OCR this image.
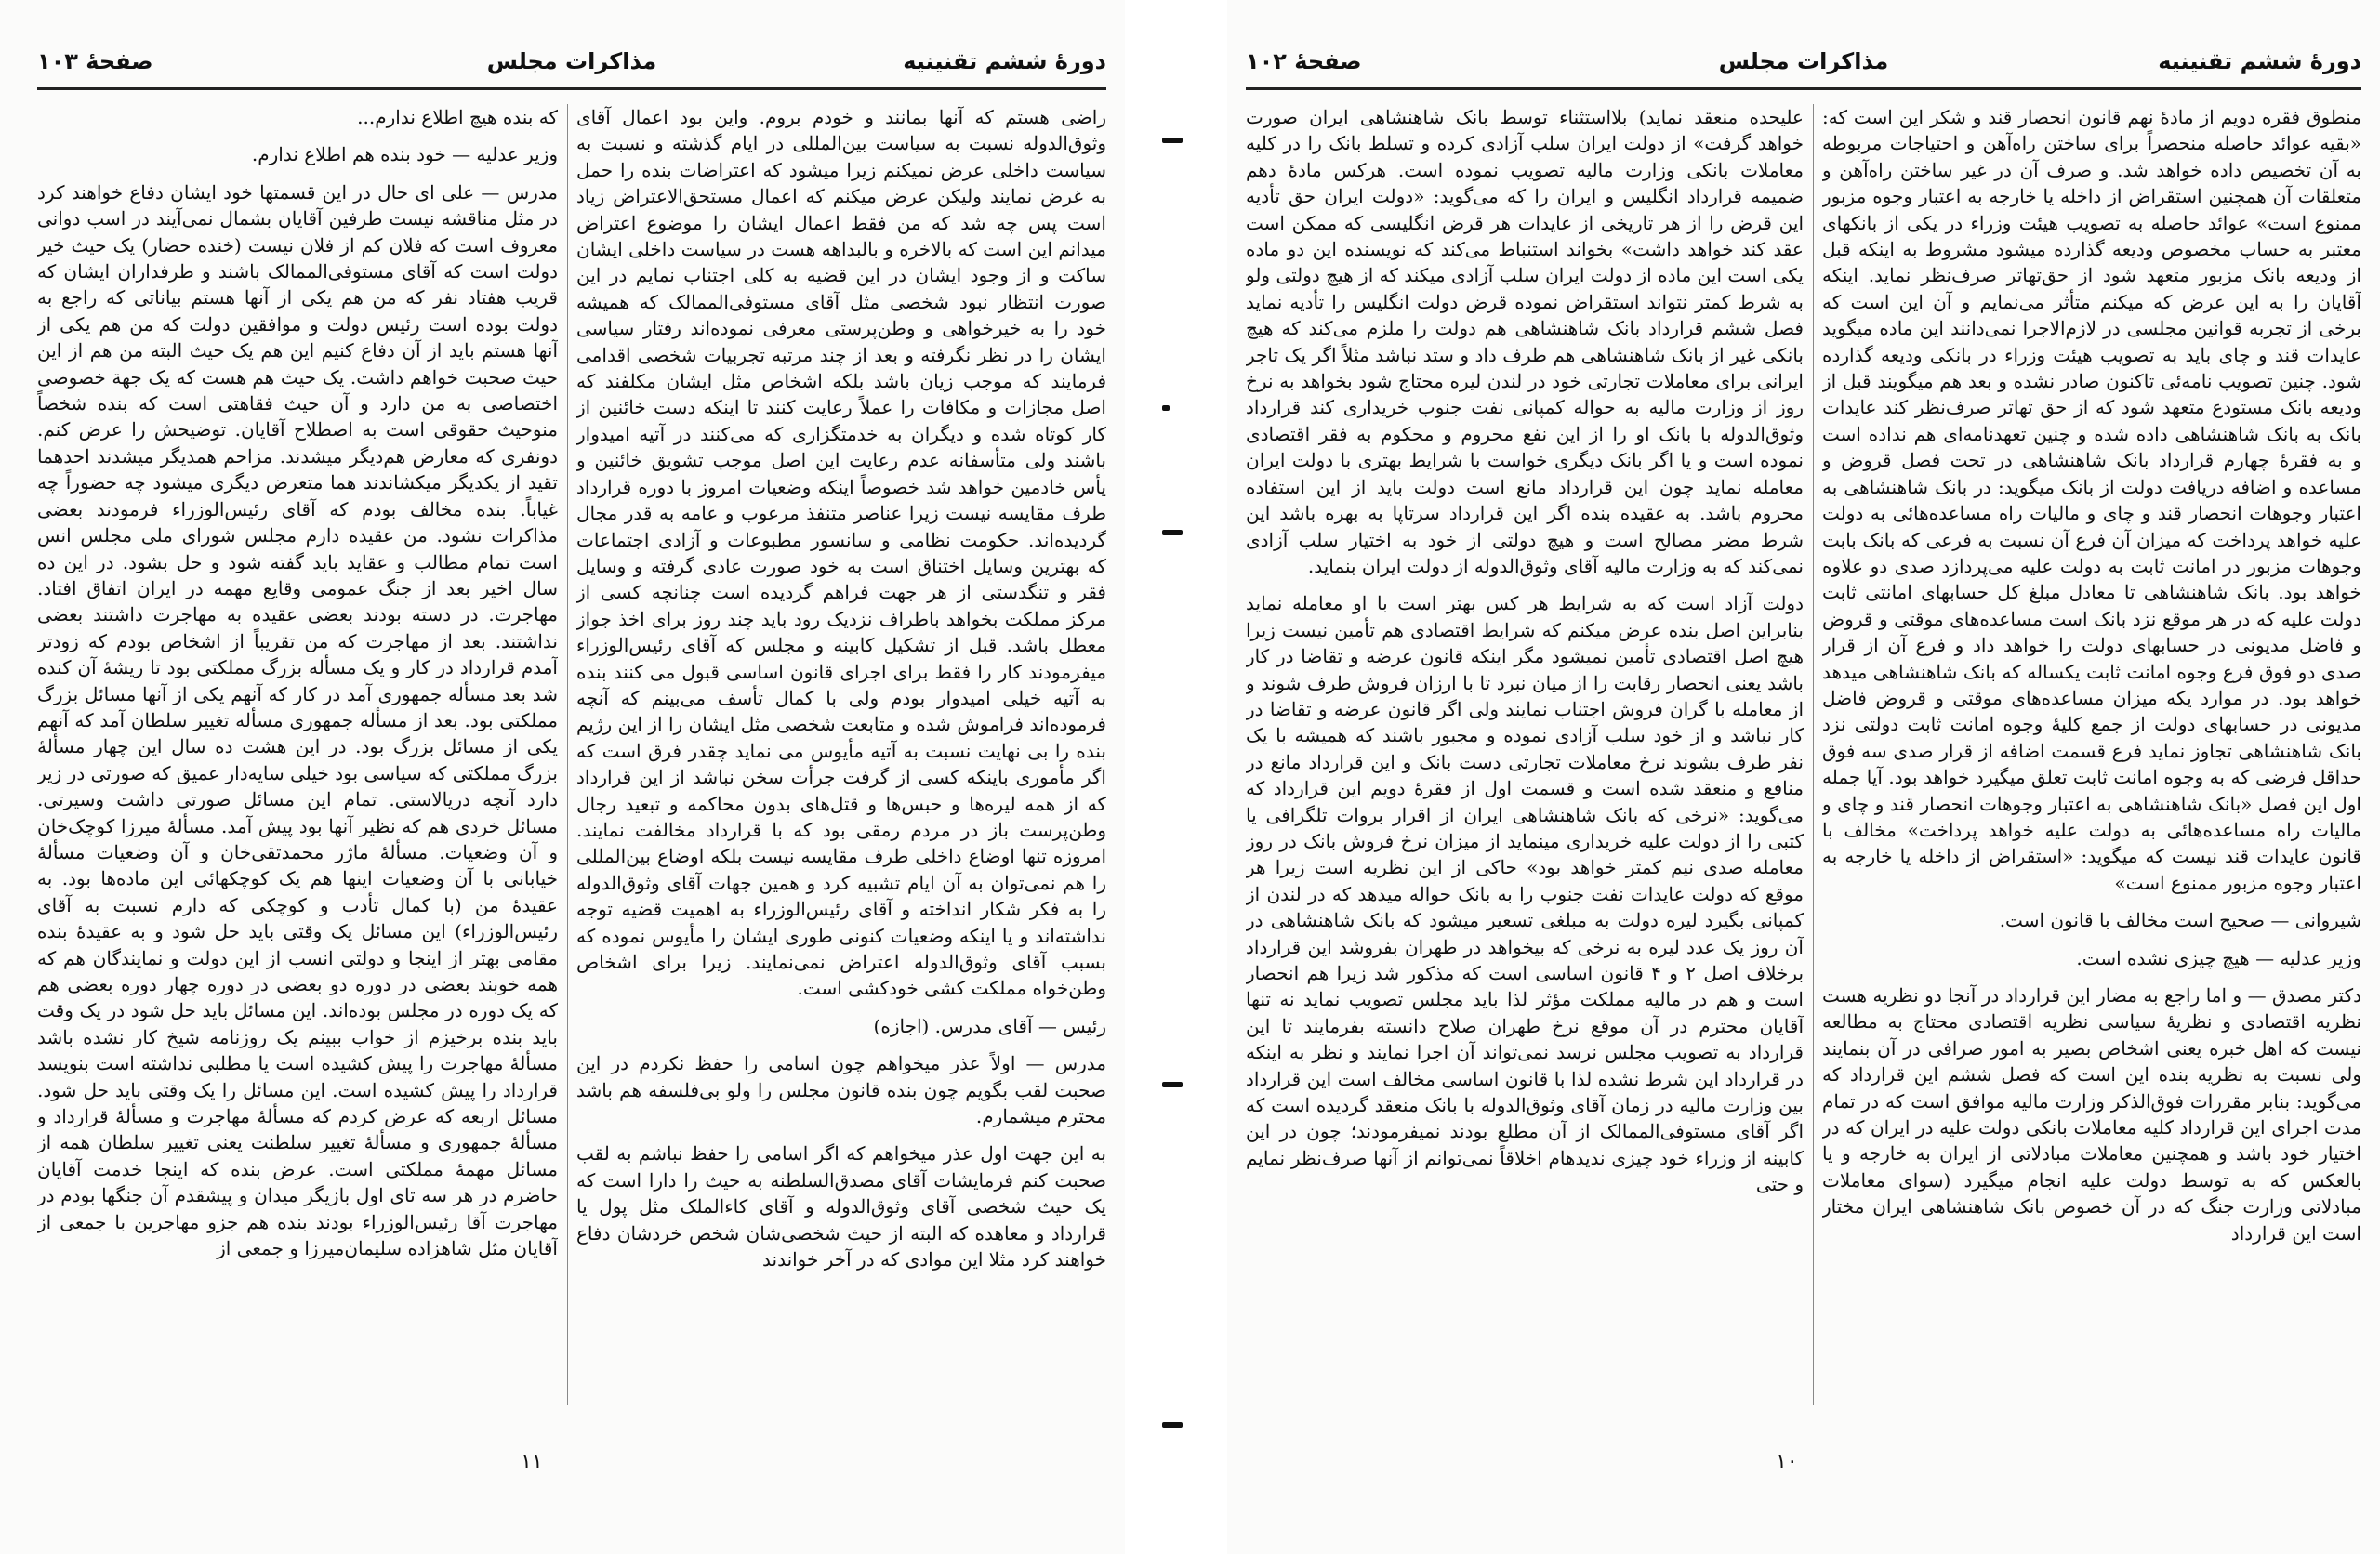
دورهٔ ششم تقنینیه
مذاکرات مجلس
صفحهٔ ۱۰۳

راضی هستم که آنها بمانند و خودم بروم. واین بود اعمال آقای وثوق‌الدوله نسبت به سیاست بین‌المللی در ایام گذشته و نسبت به سیاست داخلی عرض نمیکنم زیرا میشود که اعتراضات بنده را حمل به غرض نمایند ولیکن عرض میکنم که اعمال مستحق‌الاعتراض زیاد است پس چه شد که من فقط اعمال ایشان را موضوع اعتراض میدانم این است که بالاخره و بالبداهه هست در سیاست داخلی ایشان ساکت و از وجود ایشان در این قضیه به کلی اجتناب نمایم در این صورت انتظار نبود شخصی مثل آقای مستوفی‌الممالک که همیشه خود را به خیرخواهی و وطن‌پرستی معرفی نموده‌اند رفتار سیاسی ایشان را در نظر نگرفته و بعد از چند مرتبه تجربیات شخصی اقدامی فرمایند که موجب زیان باشد بلکه اشخاص مثل ایشان مکلفند که اصل مجازات و مکافات را عملاً رعایت کنند تا اینکه دست خائنین از کار کوتاه شده و دیگران به خدمتگزاری که می‌کنند در آتیه امیدوار باشند ولی متأسفانه عدم رعایت این اصل موجب تشویق خائنین و یأس خادمین خواهد شد خصوصاً اینکه وضعیات امروز با دوره قرارداد طرف مقایسه نیست زیرا عناصر متنفذ مرعوب و عامه به قدر مجال گردیده‌اند. حکومت نظامی و سانسور مطبوعات و آزادی اجتماعات که بهترین وسایل اختناق است به خود صورت عادی گرفته و وسایل فقر و تنگدستی از هر جهت فراهم گردیده است چنانچه کسی از مرکز مملکت بخواهد باطراف نزدیک رود باید چند روز برای اخذ جواز معطل باشد. قبل از تشکیل کابینه و مجلس که آقای رئیس‌الوزراء میفرمودند کار را فقط برای اجرای قانون اساسی قبول می کنند بنده به آتیه خیلی امیدوار بودم ولی با کمال تأسف می‌بینم که آنچه فرموده‌اند فراموش شده و متابعت شخصی مثل ایشان را از این رژیم بنده را بی نهایت نسبت به آتیه مأیوس می نماید چقدر فرق است که اگر مأموری باینکه کسی از گرفت جرأت سخن نباشد از این قرارداد که از همه لیره‌ها و حبس‌ها و قتل‌های بدون محاکمه و تبعید رجال وطن‌پرست باز در مردم رمقی بود که با قرارداد مخالفت نمایند. امروزه تنها اوضاع داخلی طرف مقایسه نیست بلکه اوضاع بین‌المللی را هم نمی‌توان به آن ایام تشبیه کرد و همین جهات آقای وثوق‌الدوله را به فکر شکار انداخته و آقای رئیس‌الوزراء به اهمیت قضیه توجه نداشته‌اند و یا اینکه وضعیات کنونی طوری ایشان را مأیوس نموده که بسبب آقای وثوق‌الدوله اعتراض نمی‌نمایند. زیرا برای اشخاص وطن‌خواه مملکت کشی خودکشی است.

رئیس — آقای مدرس. (اجازه)

مدرس — اولاً عذر میخواهم چون اسامی را حفظ نکردم در این صحبت لقب بگویم چون بنده قانون مجلس را ولو بی‌فلسفه هم باشد محترم میشمارم.

به این جهت اول عذر میخواهم که اگر اسامی را حفظ نباشم به لقب صحبت کنم فرمایشات آقای مصدق‌السلطنه به حیث را دارا است که یک حیث شخصی آقای وثوق‌الدوله و آقای کاءالملک مثل پول یا قرارداد و معاهده که البته از حیث شخصی‌شان شخص خردشان دفاع خواهند کرد مثلا این موادی که در آخر خواندند

که بنده هیچ اطلاع ندارم...

وزیر عدلیه — خود بنده هم اطلاع ندارم.

مدرس — علی ای حال در این قسمتها خود ایشان دفاع خواهند کرد در مثل مناقشه نیست طرفین آقایان بشمال نمی‌آیند در اسب دوانی معروف است که فلان کم از فلان نیست (خنده حضار) یک حیث خیر دولت است که آقای مستوفی‌الممالک باشند و طرفداران ایشان که قریب هفتاد نفر که من هم یکی از آنها هستم بیاناتی که راجع به دولت بوده است رئیس دولت و موافقین دولت که من هم یکی از آنها هستم باید از آن دفاع کنیم این هم یک حیث البته من هم از این حیث صحبت خواهم داشت. یک حیث هم هست که یک جهة خصوصی اختصاصی به من دارد و آن حیث فقاهتی است که بنده شخصاً منوحیث حقوقی است به اصطلاح آقایان. توضیحش را عرض کنم. دونفری که معارض هم‌دیگر میشدند. مزاحم همدیگر میشدند احدهما تقید از یکدیگر میکشاندند هما متعرض دیگری میشود چه حضوراً چه غیاباً. بنده مخالف بودم که آقای رئیس‌الوزراء فرمودند بعضی مذاکرات نشود. من عقیده دارم مجلس شورای ملی مجلس انس است تمام مطالب و عقاید باید گفته شود و حل بشود. در این ده سال اخیر بعد از جنگ عمومی وقایع مهمه در ایران اتفاق افتاد. مهاجرت. در دسته بودند بعضی عقیده به مهاجرت داشتند بعضی نداشتند. بعد از مهاجرت که من تقریباً از اشخاص بودم که زودتر آمدم قرارداد در کار و یک مسأله بزرگ مملکتی بود تا ریشهٔ آن کنده شد بعد مسأله جمهوری آمد در کار که آنهم یکی از آنها مسائل بزرگ مملکتی بود. بعد از مسأله جمهوری مسأله تغییر سلطان آمد که آنهم یکی از مسائل بزرگ بود. در این هشت ده سال این چهار مسألهٔ بزرگ مملکتی که سیاسی بود خیلی سایه‌دار عمیق که صورتی در زیر دارد آنچه دریالاستی. تمام این مسائل صورتی داشت وسیرتی. مسائل خردی هم که نظیر آنها بود پیش آمد. مسألهٔ میرزا کوچک‌خان و آن وضعیات. مسألهٔ ماژر محمدتقی‌خان و آن وضعیات مسألهٔ خیابانی با آن وضعیات اینها هم یک کوچکهائی این ماده‌ها بود. به عقیدهٔ من (با کمال تأدب و کوچکی که دارم نسبت به آقای رئیس‌الوزراء) این مسائل یک وقتی باید حل شود و به عقیدهٔ بنده مقامی بهتر از اینجا و دولتی انسب از این دولت و نمایندگان هم که همه خوبند بعضی در دوره دو بعضی در دوره چهار دوره بعضی هم که یک دوره در مجلس بوده‌اند. این مسائل باید حل شود در یک وقت باید بنده برخیزم از خواب ببینم یک روزنامه شیخ کار نشده باشد مسألهٔ مهاجرت را پیش کشیده است یا مطلبی نداشته است بنویسد قرارداد را پیش کشیده است. این مسائل را یک وقتی باید حل شود. مسائل اربعه که عرض کردم که مسألهٔ مهاجرت و مسألهٔ قرارداد و مسألهٔ جمهوری و مسألهٔ تغییر سلطنت یعنی تغییر سلطان همه از مسائل مهمهٔ مملکتی است. عرض بنده که اینجا خدمت آقایان حاضرم در هر سه تای اول بازیگر میدان و پیشقدم آن جنگها بودم در مهاجرت آقا رئیس‌الوزراء بودند بنده هم جزو مهاجرین با جمعی از آقایان مثل شاهزاده سلیمان‌میرزا و جمعی از

۱۱
دورهٔ ششم تقنینیه
مذاکرات مجلس
صفحهٔ ۱۰۲

منطوق فقره دویم از مادهٔ نهم قانون انحصار قند و شکر این است که: «بقیه عوائد حاصله منحصراً برای ساختن راه‌آهن و احتیاجات مربوطه به آن تخصیص داده خواهد شد. و صرف آن در غیر ساختن راه‌آهن و متعلقات آن همچنین استقراض از داخله یا خارجه به اعتبار وجوه مزبور ممنوع است» عوائد حاصله به تصویب هیئت وزراء در یکی از بانکهای معتبر به حساب مخصوص ودیعه گذارده میشود مشروط به اینکه قبل از ودیعه بانک مزبور متعهد شود از حق‌تهاتر صرف‌نظر نماید. اینکه آقایان را به این عرض که میکنم متأثر می‌نمایم و آن این است که برخی از تجربه قوانین مجلسی در لازم‌الاجرا نمی‌دانند این ماده میگوید عایدات قند و چای باید به تصویب هیئت وزراء در بانکی ودیعه گذارده شود. چنین تصویب نامه‌ئی تاکنون صادر نشده و بعد هم میگویند قبل از ودیعه بانک مستودع متعهد شود که از حق تهاتر صرف‌نظر کند عایدات بانک به بانک شاهنشاهی داده شده و چنین تعهدنامه‌ای هم نداده است و به فقرهٔ چهارم قرارداد بانک شاهنشاهی در تحت فصل قروض و مساعده و اضافه دریافت دولت از بانک میگوید: در بانک شاهنشاهی به اعتبار وجوهات انحصار قند و چای و مالیات راه مساعده‌هائی به دولت علیه خواهد پرداخت که میزان آن فرع آن نسبت به فرعی که بانک بابت وجوهات مزبور در امانت ثابت به دولت علیه می‌پردازد صدی دو علاوه خواهد بود. بانک شاهنشاهی تا معادل مبلغ کل حسابهای امانتی ثابت دولت علیه که در هر موقع نزد بانک است مساعده‌های موقتی و قروض و فاضل مدیونی در حسابهای دولت را خواهد داد و فرع آن از قرار صدی دو فوق فرع وجوه امانت ثابت یکساله که بانک شاهنشاهی میدهد خواهد بود. در موارد یکه میزان مساعده‌های موقتی و قروض فاضل مدیونی در حسابهای دولت از جمع کلیهٔ وجوه امانت ثابت دولتی نزد بانک شاهنشاهی تجاوز نماید فرع قسمت اضافه از قرار صدی سه فوق حداقل فرضی که به وجوه امانت ثابت تعلق میگیرد خواهد بود. آیا جمله اول این فصل «بانک شاهنشاهی به اعتبار وجوهات انحصار قند و چای و مالیات راه مساعده‌هائی به دولت علیه خواهد پرداخت» مخالف با قانون عایدات قند نیست که میگوید: «استقراض از داخله یا خارجه به اعتبار وجوه مزبور ممنوع است»

شیروانی — صحیح است مخالف با قانون است.

وزیر عدلیه — هیچ چیزی نشده است.

دکتر مصدق — و اما راجع به مضار این قرارداد در آنجا دو نظریه هست نظریه اقتصادی و نظریهٔ سیاسی نظریه اقتصادی محتاج به مطالعه نیست که اهل خبره یعنی اشخاص بصیر به امور صرافی در آن بنمایند ولی نسبت به نظریه بنده این است که فصل ششم این قرارداد که می‌گوید: بنابر مقررات فوق‌الذکر وزارت مالیه موافق است که در تمام مدت اجرای این قرارداد کلیه معاملات بانکی دولت علیه در ایران که در اختیار خود باشد و همچنین معاملات مبادلاتی از ایران به خارجه و یا بالعکس که به توسط دولت علیه انجام میگیرد (سوای معاملات مبادلاتی وزارت جنگ که در آن خصوص بانک شاهنشاهی ایران مختار است این قرارداد

علیحده منعقد نماید) بلااستثناء توسط بانک شاهنشاهی ایران صورت خواهد گرفت» از دولت ایران سلب آزادی کرده و تسلط بانک را در کلیه معاملات بانکی وزارت مالیه تصویب نموده است. هرکس مادهٔ دهم ضمیمه قرارداد انگلیس و ایران را که می‌گوید: «دولت ایران حق تأدیه این قرض را از هر تاریخی از عایدات هر قرض انگلیسی که ممکن است عقد کند خواهد داشت» بخواند استنباط می‌کند که نویسنده این دو ماده یکی است این ماده از دولت ایران سلب آزادی میکند که از هیچ دولتی ولو به شرط کمتر نتواند استقراض نموده قرض دولت انگلیس را تأدیه نماید فصل ششم قرارداد بانک شاهنشاهی هم دولت را ملزم می‌کند که هیچ بانکی غیر از بانک شاهنشاهی هم طرف داد و ستد نباشد مثلاً اگر یک تاجر ایرانی برای معاملات تجارتی خود در لندن لیره محتاج شود بخواهد به نرخ روز از وزارت مالیه به حواله کمپانی نفت جنوب خریداری کند قرارداد وثوق‌الدوله با بانک او را از این نفع محروم و محکوم به فقر اقتصادی نموده است و یا اگر بانک دیگری خواست با شرایط بهتری با دولت ایران معامله نماید چون این قرارداد مانع است دولت باید از این استفاده محروم باشد. به عقیده بنده اگر این قرارداد سرتاپا به بهره باشد این شرط مضر مصالح است و هیچ دولتی از خود به اختیار سلب آزادی نمی‌کند که به وزارت مالیه آقای وثوق‌الدوله از دولت ایران بنماید.

دولت آزاد است که به شرایط هر کس بهتر است با او معامله نماید بنابراین اصل بنده عرض میکنم که شرایط اقتصادی هم تأمین نیست زیرا هیچ اصل اقتصادی تأمین نمیشود مگر اینکه قانون عرضه و تقاضا در کار باشد یعنی انحصار رقابت را از میان نبرد تا با ارزان فروش طرف شوند و از معامله با گران فروش اجتناب نمایند ولی اگر قانون عرضه و تقاضا در کار نباشد و از خود سلب آزادی نموده و مجبور باشند که همیشه با یک نفر طرف بشوند نرخ معاملات تجارتی دست بانک و این قرارداد مانع در منافع و منعقد شده است و قسمت اول از فقرهٔ دویم این قرارداد که می‌گوید: «نرخی که بانک شاهنشاهی ایران از اقرار بروات تلگرافی یا کتبی را از دولت علیه خریداری مینماید از میزان نرخ فروش بانک در روز معامله صدی نیم کمتر خواهد بود» حاکی از این نظریه است زیرا هر موقع که دولت عایدات نفت جنوب را به بانک حواله میدهد که در لندن از کمپانی بگیرد لیره دولت به مبلغی تسعیر میشود که بانک شاهنشاهی در آن روز یک عدد لیره به نرخی که بیخواهد در طهران بفروشد این قرارداد برخلاف اصل ۲ و ۴ قانون اساسی است که مذکور شد زیرا هم انحصار است و هم در مالیه مملکت مؤثر لذا باید مجلس تصویب نماید نه تنها آقایان محترم در آن موقع نرخ طهران صلاح دانسته بفرمایند تا این قرارداد به تصویب مجلس نرسد نمی‌تواند آن اجرا نمایند و نظر به اینکه در قرارداد این شرط نشده لذا با قانون اساسی مخالف است این قرارداد بین وزارت مالیه در زمان آقای وثوق‌الدوله با بانک منعقد گردیده است که اگر آقای مستوفی‌الممالک از آن مطلع بودند نمیفرمودند؛ چون در این کابینه از وزراء خود چیزی ندیدهام اخلاقاً نمی‌توانم از آنها صرف‌نظر نمایم و حتی

۱۰
